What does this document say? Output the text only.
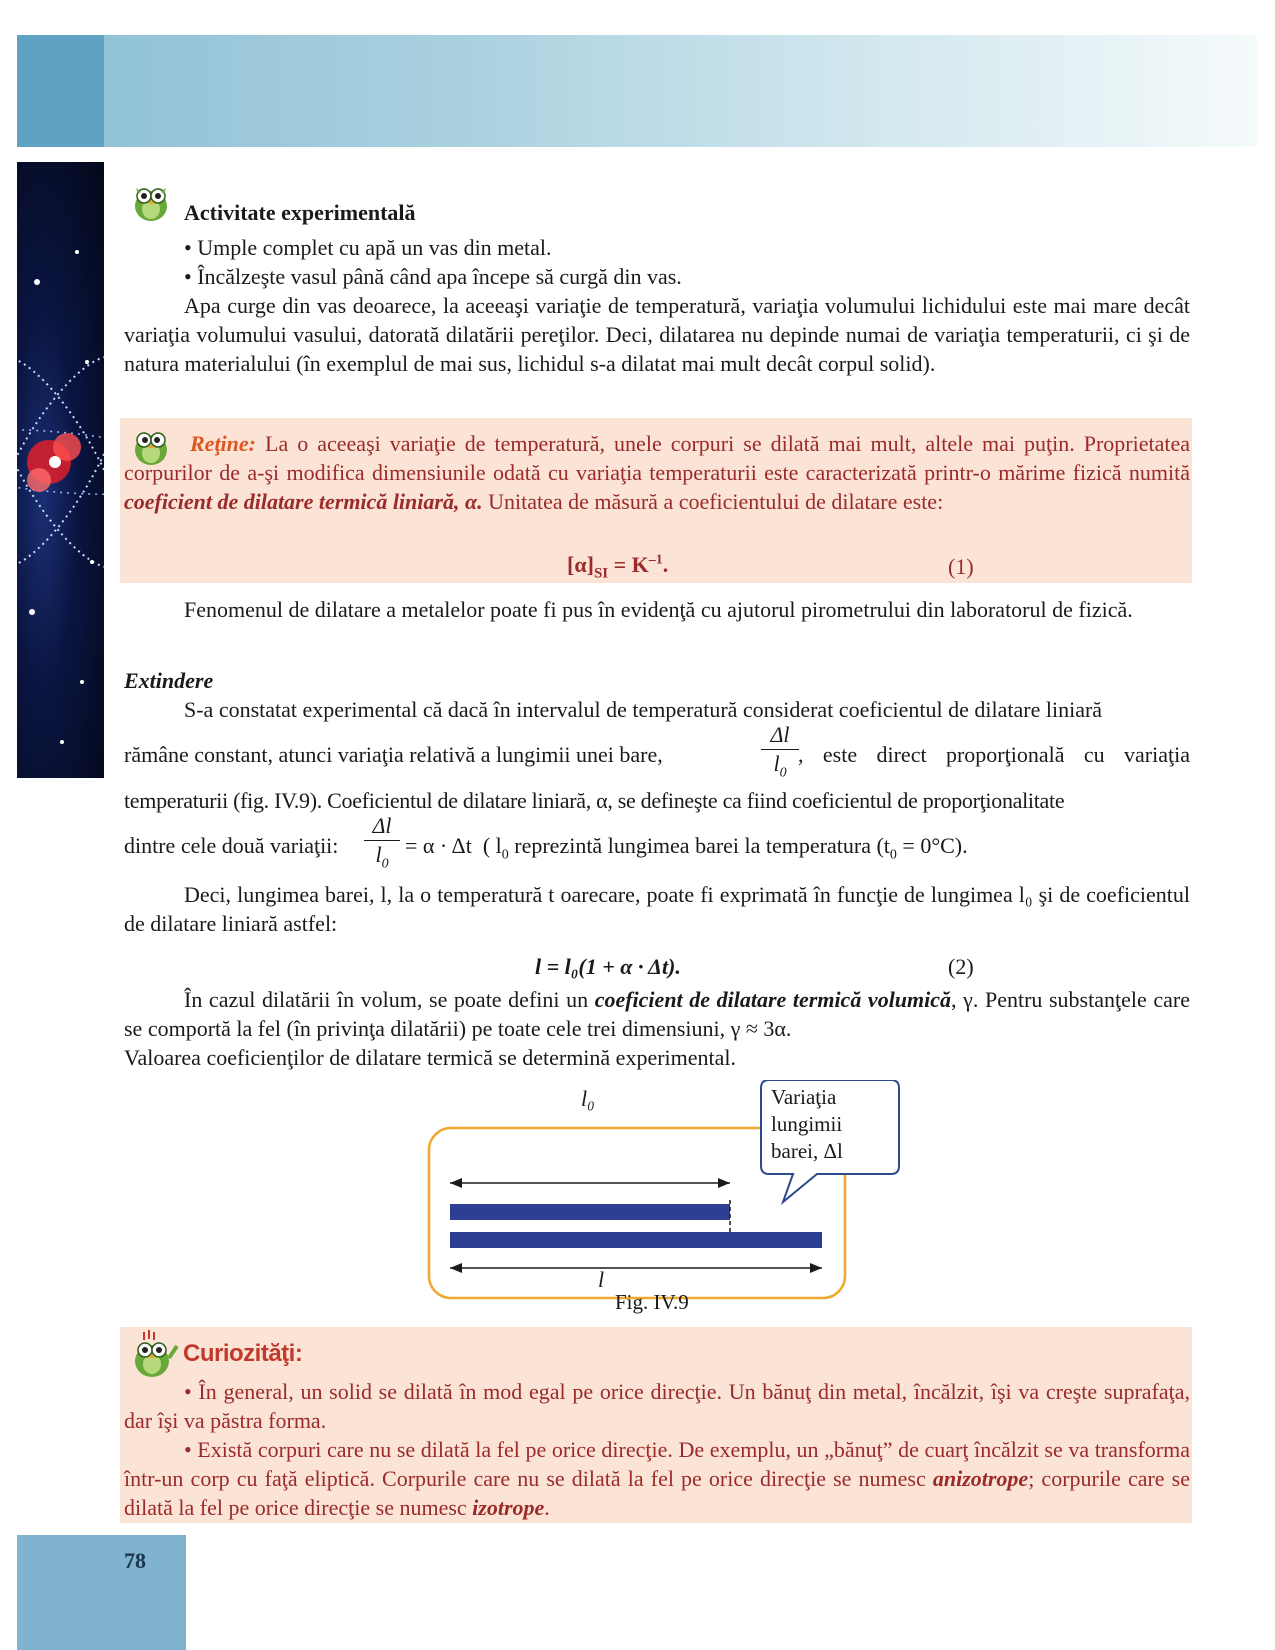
Activitate experimentală
• Umple complet cu apă un vas din metal.
• Încălzeşte vasul până când apa începe să curgă din vas.
Apa curge din vas deoarece, la aceeaşi variaţie de temperatură, variaţia volumului lichidului este mai mare decât variaţia volumului vasului, datorată dilatării pereţilor. Deci, dilatarea nu depinde numai de variaţia temperaturii, ci şi de natura materialului (în exemplul de mai sus, lichidul s-a dilatat mai mult decât corpul solid).
Reţine: La o aceeaşi variaţie de temperatură, unele corpuri se dilată mai mult, altele mai puţin. Proprietatea corpurilor de a-şi modifica dimensiunile odată cu variaţia temperaturii este caracterizată printr-o mărime fizică numită coeficient de dilatare termică liniară, α. Unitatea de măsură a coeficientului de dilatare este:
$[\alpha]_{SI} = K^{-1}$.	(1)
Fenomenul de dilatare a metalelor poate fi pus în evidenţă cu ajutorul pirometrului din laboratorul de fizică.
Extindere
S-a constatat experimental că dacă în intervalul de temperatură considerat coeficientul de dilatare liniară
rămâne constant, atunci variaţia relativă a lungimii unei bare,
Δl
$l_0$
, este direct proporţională cu variaţia
temperaturii (fig. IV.9). Coeficientul de dilatare liniară, α, se defineşte ca fiind coeficientul de proporţionalitate
dintre cele două variaţii:
Δl
$l_0$
= α · Δt ( $l_0$ reprezintă lungimea barei la temperatura $(t_0 = 0^\circ C)$.
Deci, lungimea barei, l, la o temperatură t oarecare, poate fi exprimată în funcţie de lungimea l₀ şi de coeficientul de dilatare liniară astfel:
l = l₀(1 + α · Δt).	(2)
În cazul dilatării în volum, se poate defini un coeficient de dilatare termică volumică, γ. Pentru substanţele care se comportă la fel (în privinţa dilatării) pe toate cele trei dimensiuni, γ ≈ 3α.
Valoarea coeficienţilor de dilatare termică se determină experimental.
l₀
l
Variaţia
lungimii
barei, Δl
Fig. IV.9
Curiozităţi:
• În general, un solid se dilată în mod egal pe orice direcţie. Un bănuţ din metal, încălzit, îşi va creşte suprafaţa, dar îşi va păstra forma.
• Există corpuri care nu se dilată la fel pe orice direcţie. De exemplu, un „bănuţ” de cuarţ încălzit se va transforma într-un corp cu faţă eliptică. Corpurile care nu se dilată la fel pe orice direcţie se numesc anizotrope; corpurile care se dilată la fel pe orice direcţie se numesc izotrope.
78
